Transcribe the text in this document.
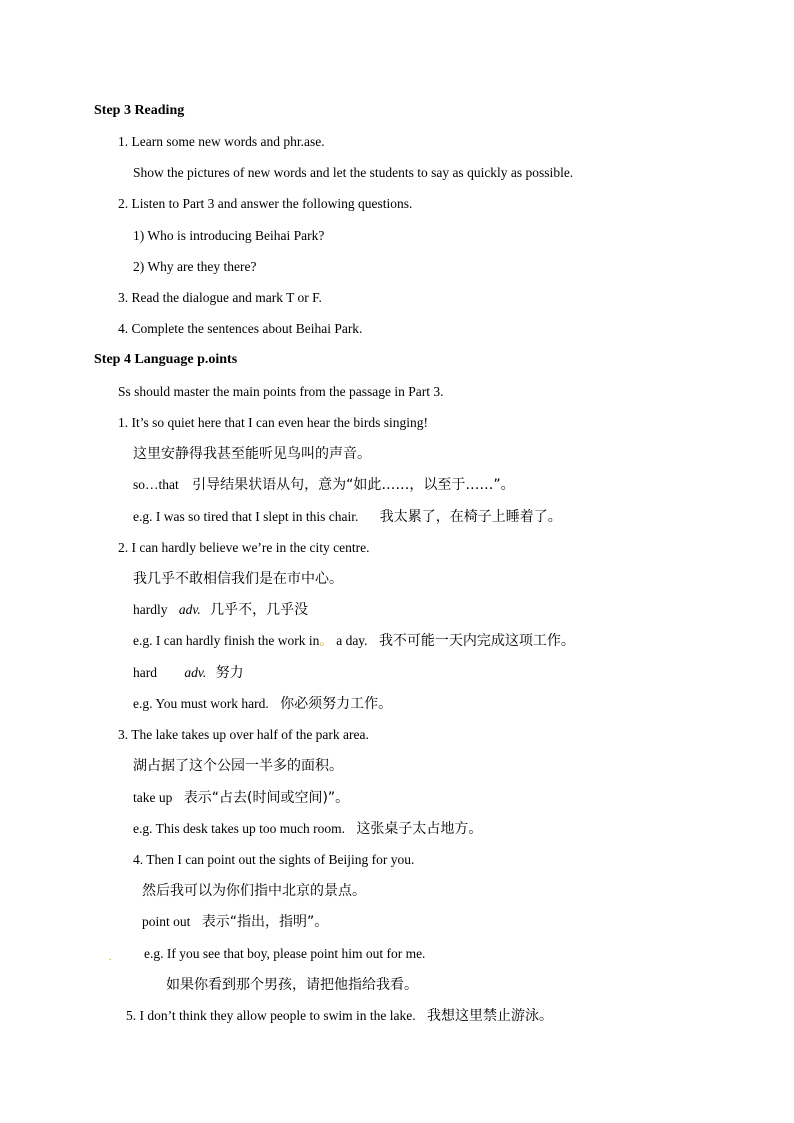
Step 3 Reading
1. Learn some new words and phr.ase.
Show the pictures of new words and let the students to say as quickly as possible.
2. Listen to Part 3 and answer the following questions.
1) Who is introducing Beihai Park?
2) Why are they there?
3. Read the dialogue and mark T or F.
4. Complete the sentences about Beihai Park.
Step 4 Language p.oints
Ss should master the main points from the passage in Part 3.
1. It’s so quiet here that I can even hear the birds singing!
这里安静得我甚至能听见鸟叫的声音。
so…that 引导结果状语从句，意为“如此……，以至于……”。
e.g. I was so tired that I slept in this chair. 我太累了，在椅子上睡着了。
2. I can hardly believe we’re in the city centre.
我几乎不敢相信我们是在市中心。
hardly adv. 几乎不，几乎没
e.g. I can hardly finish the work in。 a day. 我不可能一天内完成这项工作。
hard adv. 努力
e.g. You must work hard. 你必须努力工作。
3. The lake takes up over half of the park area.
湖占据了这个公园一半多的面积。
take up 表示“占去(时间或空间)”。
e.g. This desk takes up too much room. 这张桌子太占地方。
4. Then I can point out the sights of Beijing for you.
然后我可以为你们指中北京的景点。
point out 表示“指出，指明”。
. e.g. If you see that boy, please point him out for me.
如果你看到那个男孩，请把他指给我看。
5. I don’t think they allow people to swim in the lake. 我想这里禁止游泳。
